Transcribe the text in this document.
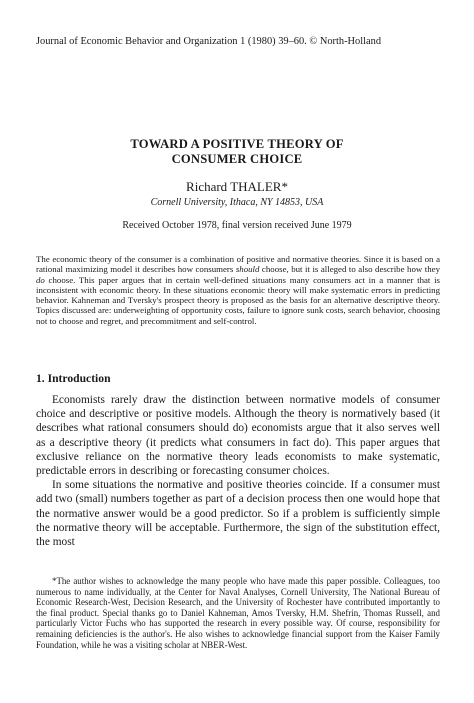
Journal of Economic Behavior and Organization 1 (1980) 39–60. © North-Holland
TOWARD A POSITIVE THEORY OF
CONSUMER CHOICE
Richard THALER*
Cornell University, Ithaca, NY 14853, USA
Received October 1978, final version received June 1979
The economic theory of the consumer is a combination of positive and normative theories. Since it is based on a rational maximizing model it describes how consumers should choose, but it is alleged to also describe how they do choose. This paper argues that in certain well-defined situations many consumers act in a manner that is inconsistent with economic theory. In these situations economic theory will make systematic errors in predicting behavior. Kahneman and Tversky's prospect theory is proposed as the basis for an alternative descriptive theory. Topics discussed are: underweighting of opportunity costs, failure to ignore sunk costs, search behavior, choosing not to choose and regret, and precommitment and self-control.
1. Introduction

Economists rarely draw the distinction between normative models of consumer choice and descriptive or positive models. Although the theory is normatively based (it describes what rational consumers should do) economists argue that it also serves well as a descriptive theory (it predicts what consumers in fact do). This paper argues that exclusive reliance on the normative theory leads economists to make systematic, predictable errors in describing or forecasting consumer choices.

In some situations the normative and positive theories coincide. If a consumer must add two (small) numbers together as part of a decision process then one would hope that the normative answer would be a good predictor. So if a problem is sufficiently simple the normative theory will be acceptable. Furthermore, the sign of the substitution effect, the most

*The author wishes to acknowledge the many people who have made this paper possible. Colleagues, too numerous to name individually, at the Center for Naval Analyses, Cornell University, The National Bureau of Economic Research-West, Decision Research, and the University of Rochester have contributed importantly to the final product. Special thanks go to Daniel Kahneman, Amos Tversky, H.M. Shefrin, Thomas Russell, and particularly Victor Fuchs who has supported the research in every possible way. Of course, responsibility for remaining deficiencies is the author's. He also wishes to acknowledge financial support from the Kaiser Family Foundation, while he was a visiting scholar at NBER-West.
